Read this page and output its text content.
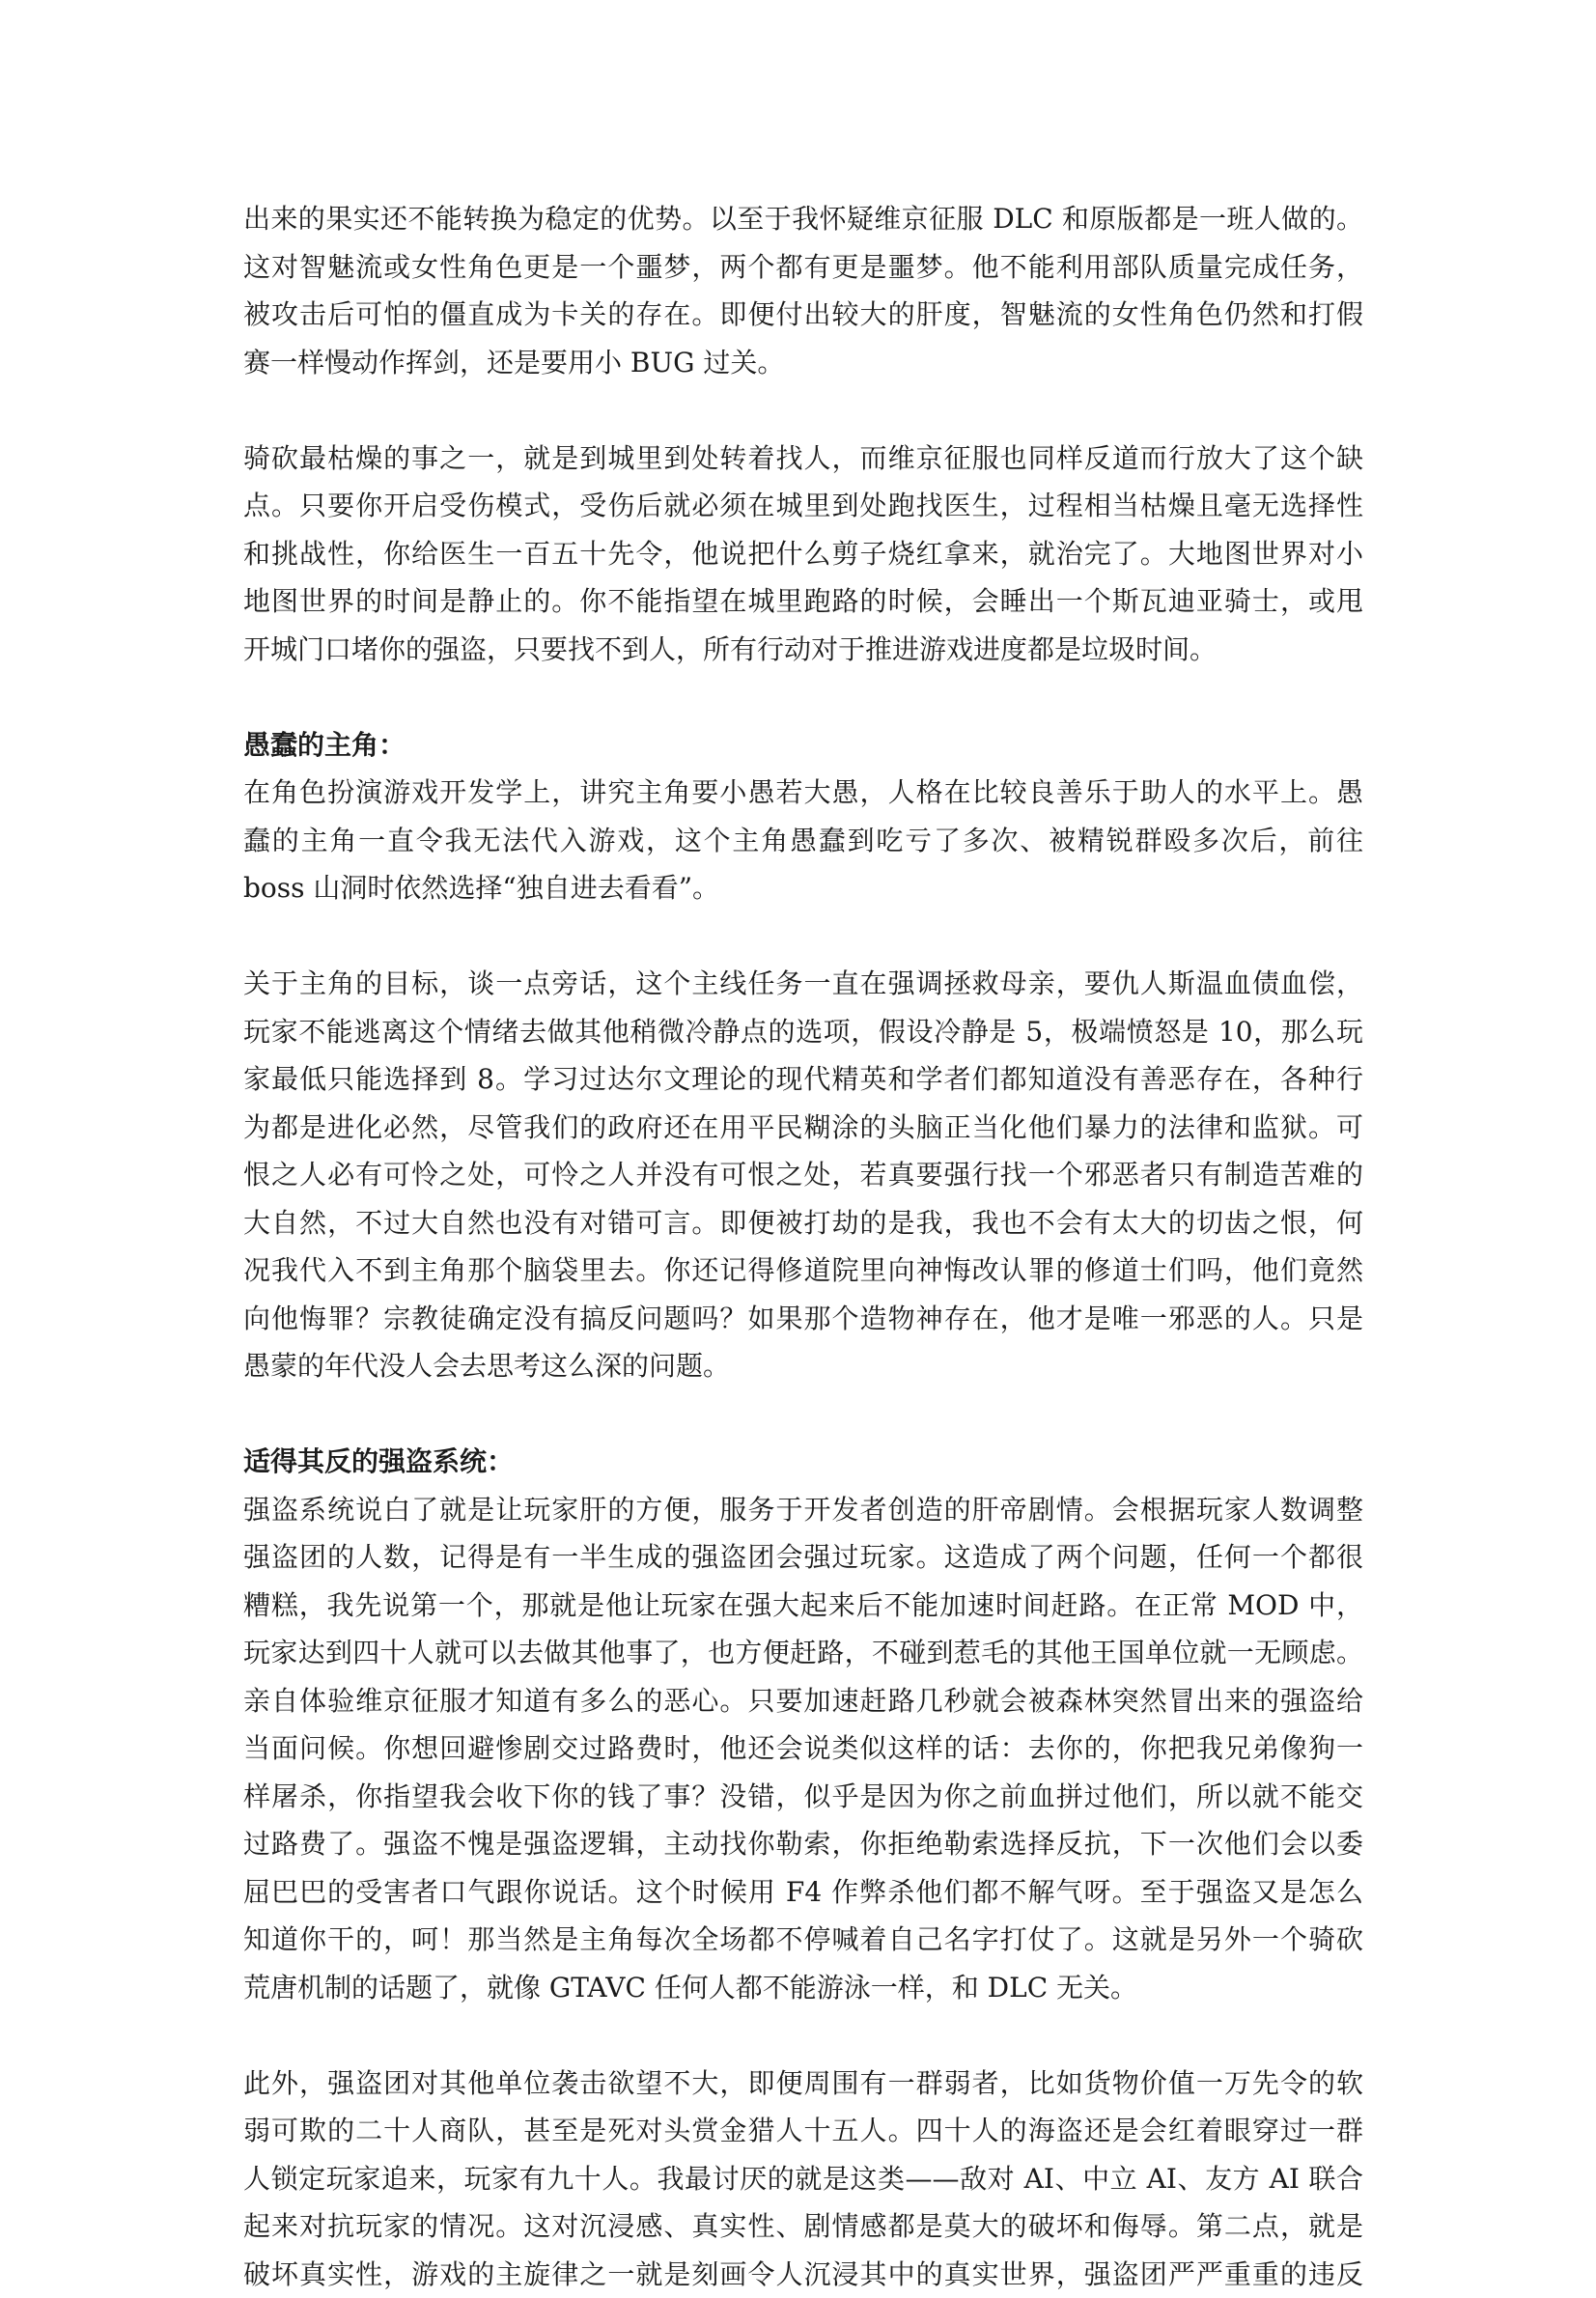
出来的果实还不能转换为稳定的优势。以至于我怀疑维京征服 DLC 和原版都是一班人做的。
这对智魅流或女性角色更是一个噩梦，两个都有更是噩梦。他不能利用部队质量完成任务，
被攻击后可怕的僵直成为卡关的存在。即便付出较大的肝度，智魅流的女性角色仍然和打假
赛一样慢动作挥剑，还是要用小 BUG 过关。
骑砍最枯燥的事之一，就是到城里到处转着找人，而维京征服也同样反道而行放大了这个缺
点。只要你开启受伤模式，受伤后就必须在城里到处跑找医生，过程相当枯燥且毫无选择性
和挑战性，你给医生一百五十先令，他说把什么剪子烧红拿来，就治完了。大地图世界对小
地图世界的时间是静止的。你不能指望在城里跑路的时候，会睡出一个斯瓦迪亚骑士，或甩
开城门口堵你的强盗，只要找不到人，所有行动对于推进游戏进度都是垃圾时间。
愚蠢的主角：
在角色扮演游戏开发学上，讲究主角要小愚若大愚，人格在比较良善乐于助人的水平上。愚
蠢的主角一直令我无法代入游戏，这个主角愚蠢到吃亏了多次、被精锐群殴多次后，前往
boss 山洞时依然选择“独自进去看看”。
关于主角的目标，谈一点旁话，这个主线任务一直在强调拯救母亲，要仇人斯温血债血偿，
玩家不能逃离这个情绪去做其他稍微冷静点的选项，假设冷静是 5，极端愤怒是 10，那么玩
家最低只能选择到 8。学习过达尔文理论的现代精英和学者们都知道没有善恶存在，各种行
为都是进化必然，尽管我们的政府还在用平民糊涂的头脑正当化他们暴力的法律和监狱。可
恨之人必有可怜之处，可怜之人并没有可恨之处，若真要强行找一个邪恶者只有制造苦难的
大自然，不过大自然也没有对错可言。即便被打劫的是我，我也不会有太大的切齿之恨，何
况我代入不到主角那个脑袋里去。你还记得修道院里向神悔改认罪的修道士们吗，他们竟然
向他悔罪？宗教徒确定没有搞反问题吗？如果那个造物神存在，他才是唯一邪恶的人。只是
愚蒙的年代没人会去思考这么深的问题。
适得其反的强盗系统：
强盗系统说白了就是让玩家肝的方便，服务于开发者创造的肝帝剧情。会根据玩家人数调整
强盗团的人数，记得是有一半生成的强盗团会强过玩家。这造成了两个问题，任何一个都很
糟糕，我先说第一个，那就是他让玩家在强大起来后不能加速时间赶路。在正常 MOD 中，
玩家达到四十人就可以去做其他事了，也方便赶路，不碰到惹毛的其他王国单位就一无顾虑。
亲自体验维京征服才知道有多么的恶心。只要加速赶路几秒就会被森林突然冒出来的强盗给
当面问候。你想回避惨剧交过路费时，他还会说类似这样的话：去你的，你把我兄弟像狗一
样屠杀，你指望我会收下你的钱了事？没错，似乎是因为你之前血拼过他们，所以就不能交
过路费了。强盗不愧是强盗逻辑，主动找你勒索，你拒绝勒索选择反抗，下一次他们会以委
屈巴巴的受害者口气跟你说话。这个时候用 F4 作弊杀他们都不解气呀。至于强盗又是怎么
知道你干的，呵！那当然是主角每次全场都不停喊着自己名字打仗了。这就是另外一个骑砍
荒唐机制的话题了，就像 GTAVC 任何人都不能游泳一样，和 DLC 无关。
此外，强盗团对其他单位袭击欲望不大，即便周围有一群弱者，比如货物价值一万先令的软
弱可欺的二十人商队，甚至是死对头赏金猎人十五人。四十人的海盗还是会红着眼穿过一群
人锁定玩家追来，玩家有九十人。我最讨厌的就是这类——敌对 AI、中立 AI、友方 AI 联合
起来对抗玩家的情况。这对沉浸感、真实性、剧情感都是莫大的破坏和侮辱。第二点，就是
破坏真实性，游戏的主旋律之一就是刻画令人沉浸其中的真实世界，强盗团严严重重的违反
